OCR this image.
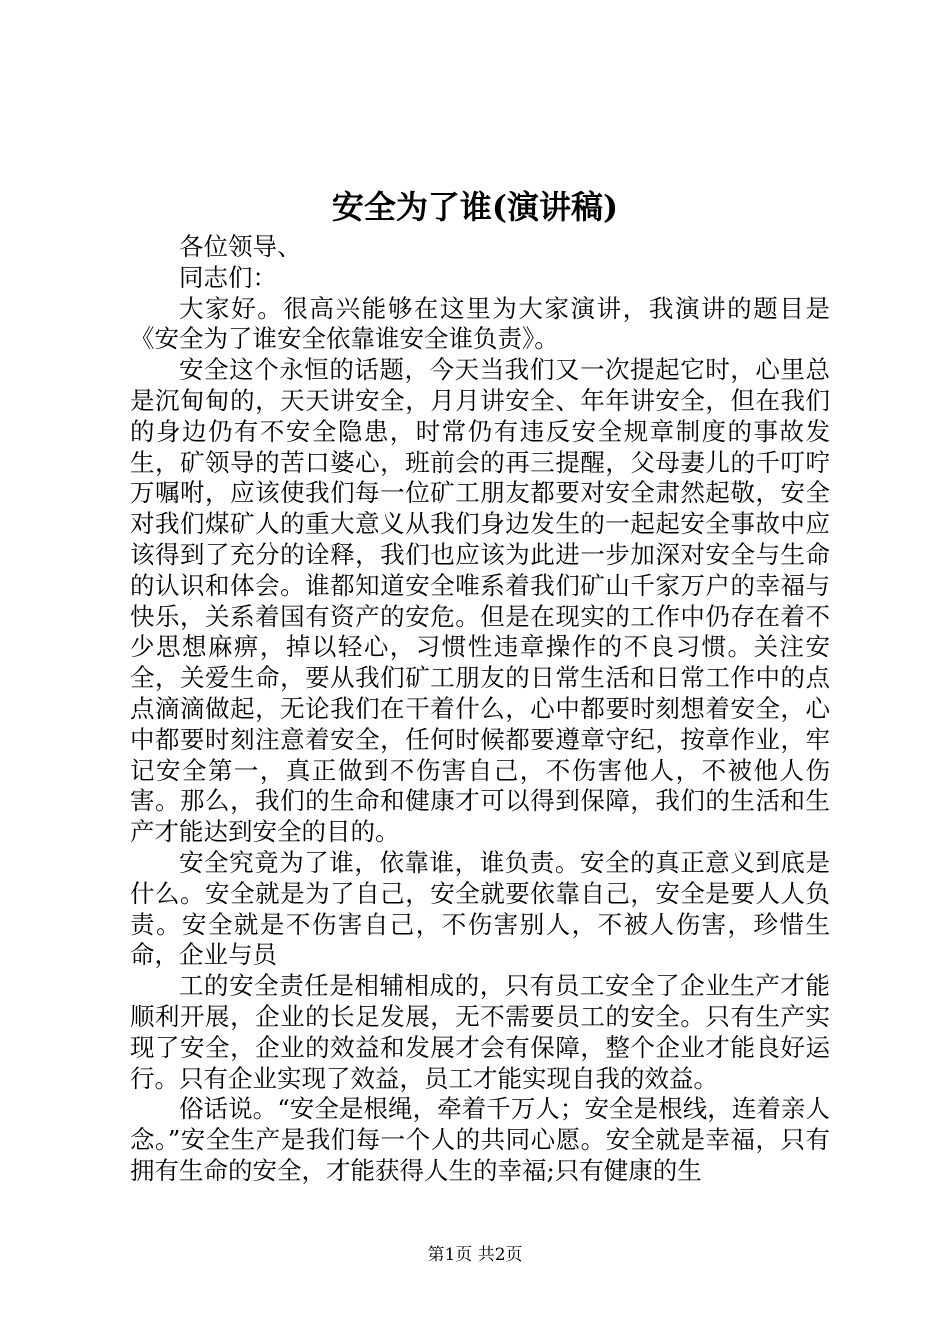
安全为了谁(演讲稿)

各位领导、

同志们：

大家好。很高兴能够在这里为大家演讲，我演讲的题目是《安全为了谁安全依靠谁安全谁负责》。

安全这个永恒的话题，今天当我们又一次提起它时，心里总是沉甸甸的，天天讲安全，月月讲安全、年年讲安全，但在我们的身边仍有不安全隐患，时常仍有违反安全规章制度的事故发生，矿领导的苦口婆心，班前会的再三提醒，父母妻儿的千叮咛万嘱咐，应该使我们每一位矿工朋友都要对安全肃然起敬，安全对我们煤矿人的重大意义从我们身边发生的一起起安全事故中应该得到了充分的诠释，我们也应该为此进一步加深对安全与生命的认识和体会。谁都知道安全唯系着我们矿山千家万户的幸福与快乐，关系着国有资产的安危。但是在现实的工作中仍存在着不少思想麻痹，掉以轻心，习惯性违章操作的不良习惯。关注安全，关爱生命，要从我们矿工朋友的日常生活和日常工作中的点点滴滴做起，无论我们在干着什么，心中都要时刻想着安全，心中都要时刻注意着安全，任何时候都要遵章守纪，按章作业，牢记安全第一，真正做到不伤害自己，不伤害他人，不被他人伤害。那么，我们的生命和健康才可以得到保障，我们的生活和生产才能达到安全的目的。

安全究竟为了谁，依靠谁，谁负责。安全的真正意义到底是什么。安全就是为了自己，安全就要依靠自己，安全是要人人负责。安全就是不伤害自己，不伤害别人，不被人伤害，珍惜生命，企业与员

工的安全责任是相辅相成的，只有员工安全了企业生产才能顺利开展，企业的长足发展，无不需要员工的安全。只有生产实现了安全，企业的效益和发展才会有保障，整个企业才能良好运行。只有企业实现了效益，员工才能实现自我的效益。

俗话说。“安全是根绳，牵着千万人；安全是根线，连着亲人念。”安全生产是我们每一个人的共同心愿。安全就是幸福，只有拥有生命的安全，才能获得人生的幸福;只有健康的生

第1页 共2页
